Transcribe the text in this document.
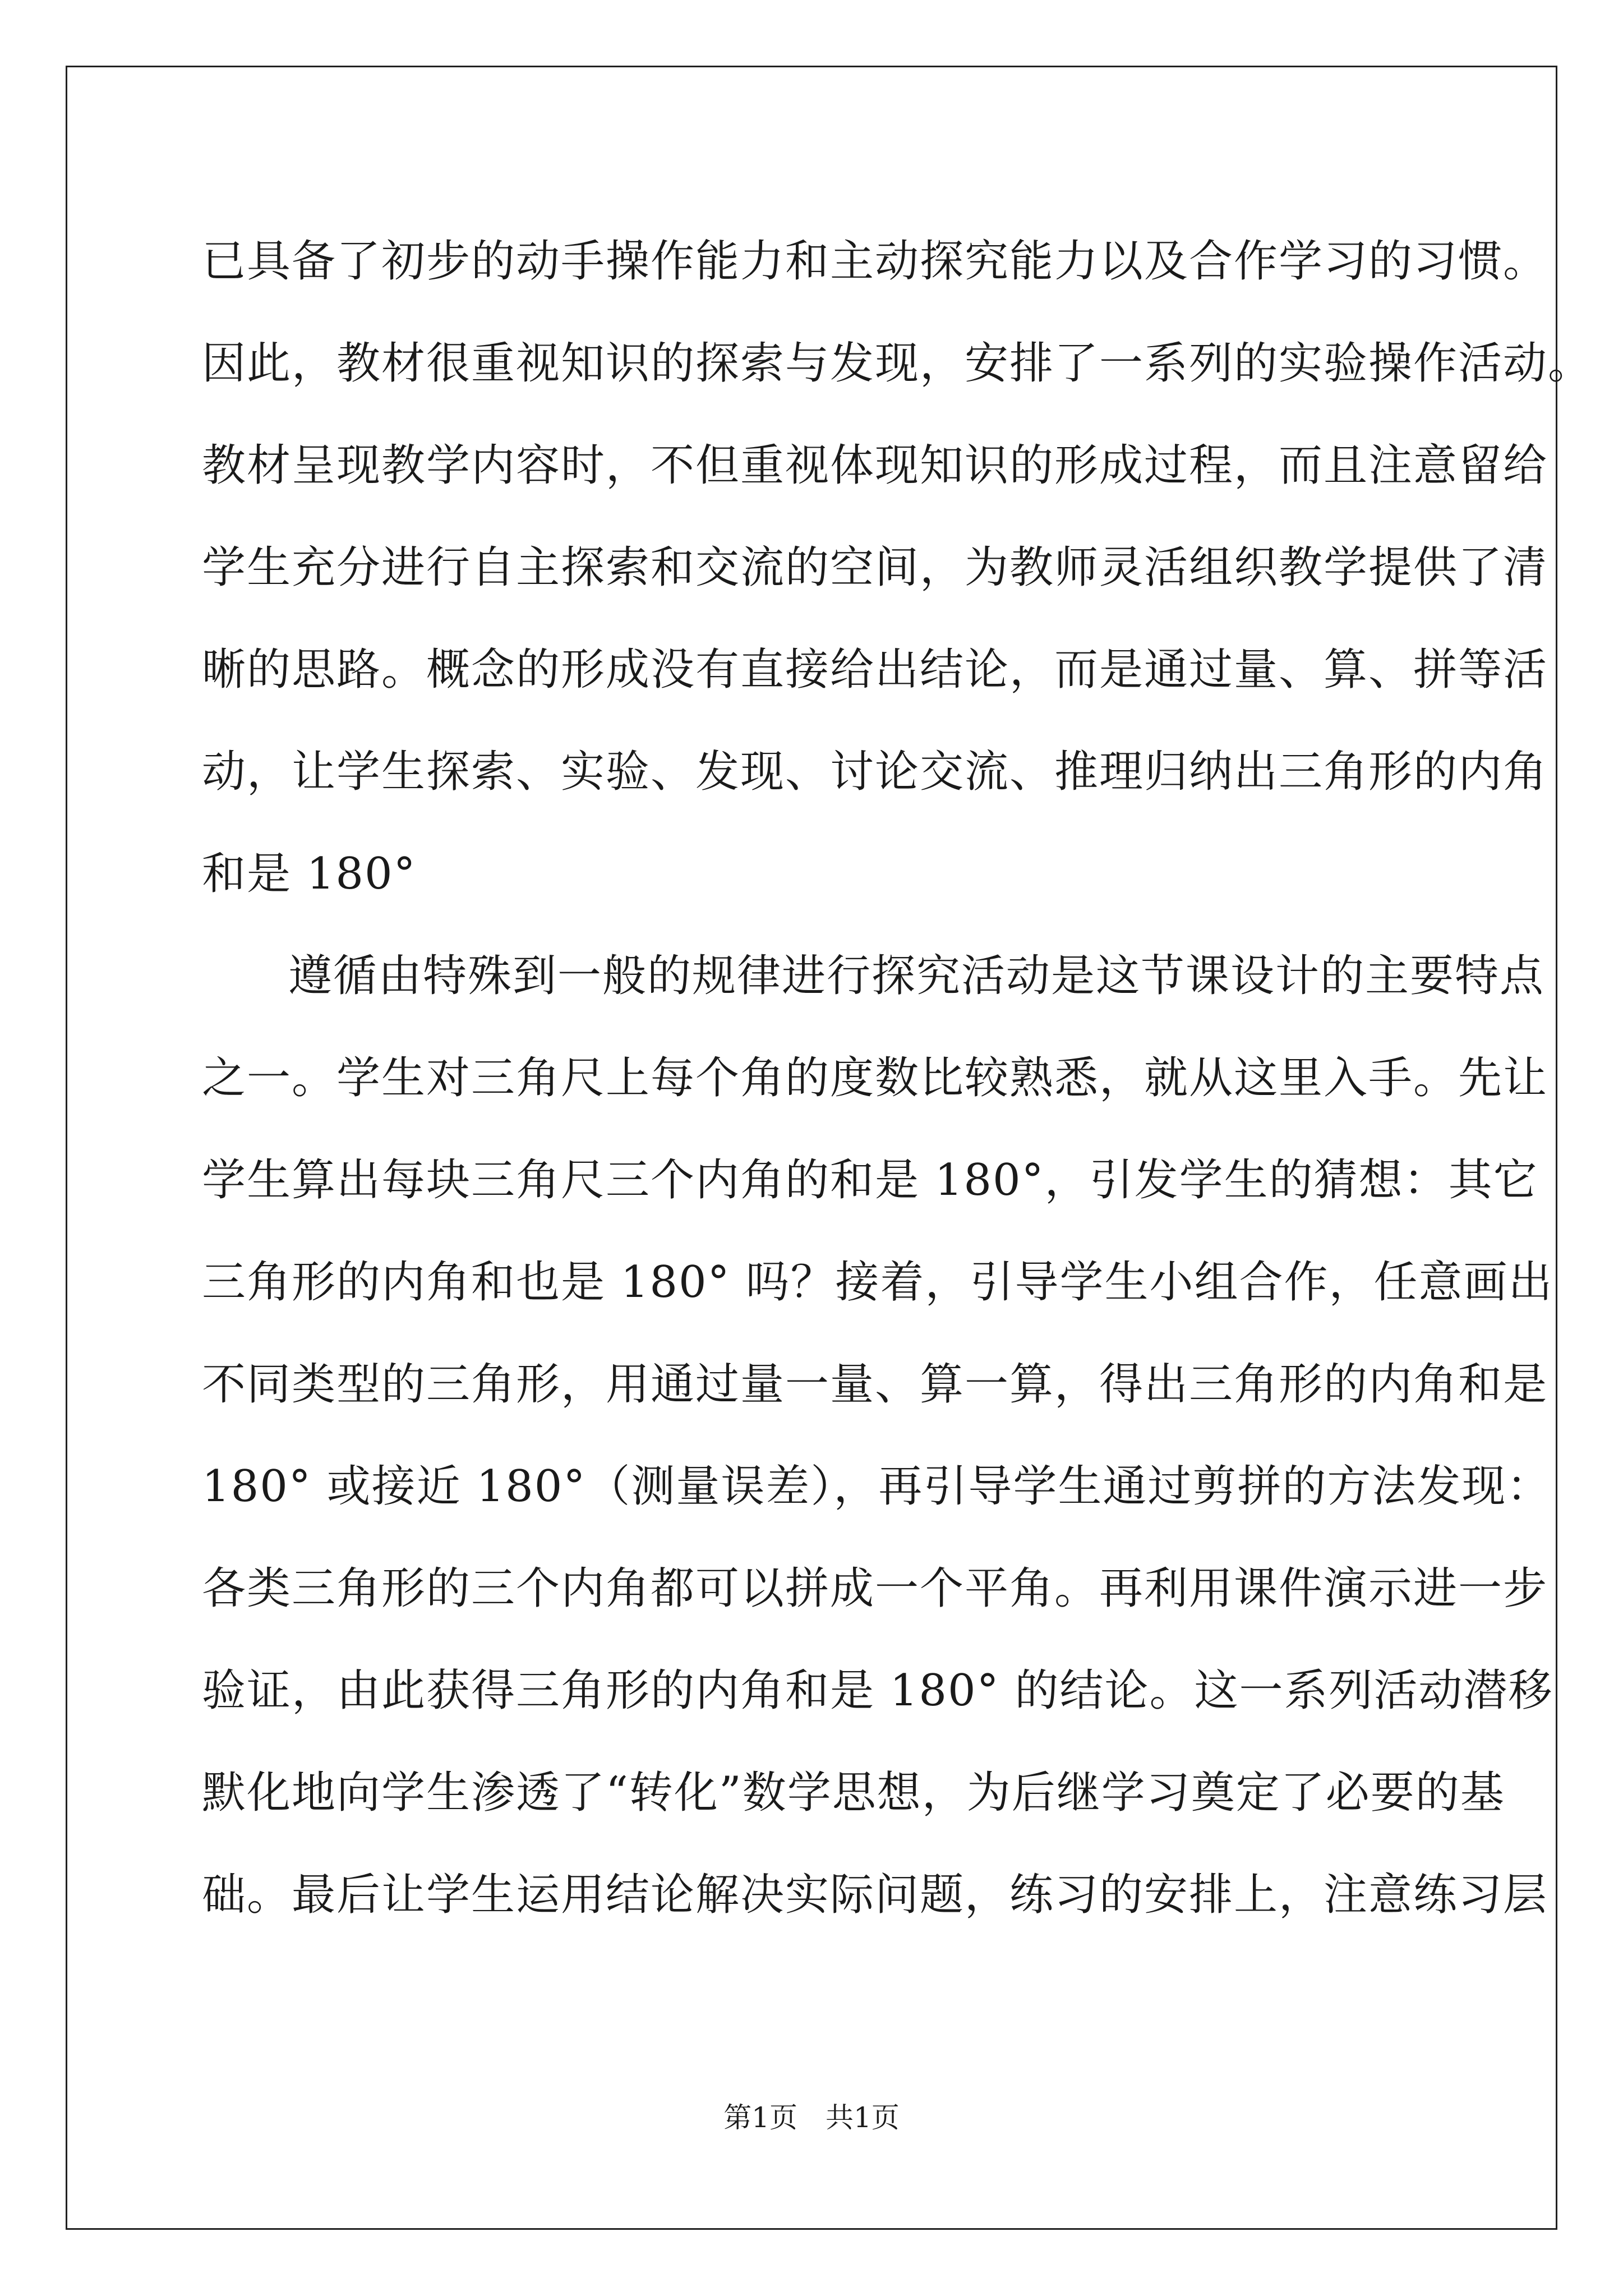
已具备了初步的动手操作能力和主动探究能力以及合作学习的习惯。
因此，教材很重视知识的探索与发现，安排了一系列的实验操作活动。
教材呈现教学内容时，不但重视体现知识的形成过程，而且注意留给
学生充分进行自主探索和交流的空间，为教师灵活组织教学提供了清
晰的思路。概念的形成没有直接给出结论，而是通过量、算、拼等活
动，让学生探索、实验、发现、讨论交流、推理归纳出三角形的内角
和是 180°
遵循由特殊到一般的规律进行探究活动是这节课设计的主要特点
之一。学生对三角尺上每个角的度数比较熟悉，就从这里入手。先让
学生算出每块三角尺三个内角的和是 180°，引发学生的猜想：其它
三角形的内角和也是 180° 吗？接着，引导学生小组合作，任意画出
不同类型的三角形，用通过量一量、算一算，得出三角形的内角和是
180° 或接近 180°（测量误差），再引导学生通过剪拼的方法发现：
各类三角形的三个内角都可以拼成一个平角。再利用课件演示进一步
验证，由此获得三角形的内角和是 180° 的结论。这一系列活动潜移
默化地向学生渗透了“转化”数学思想，为后继学习奠定了必要的基
础。最后让学生运用结论解决实际问题，练习的安排上，注意练习层
第1页 共1页
